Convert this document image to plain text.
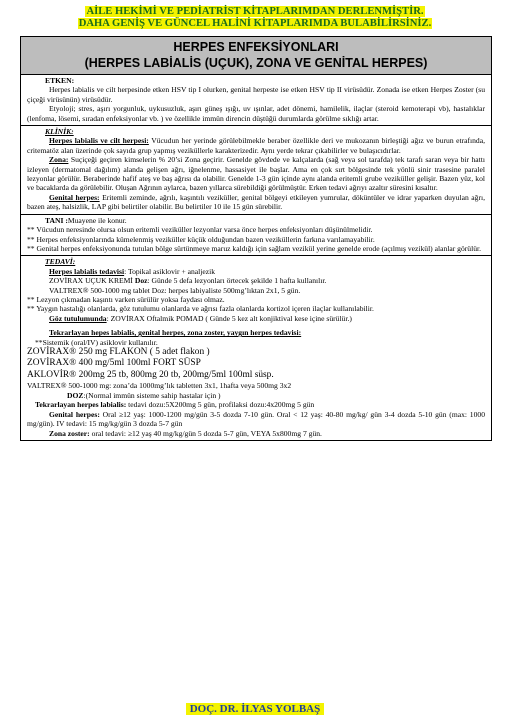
AİLE HEKİMİ VE PEDİATRİST KİTAPLARIMDAN DERLENMİŞTİR.
DAHA GENİŞ VE GÜNCEL HALİNİ KİTAPLARIMDA BULABİLİRSİNİZ.
HERPES ENFEKSİYONLARI
(HERPES LABİALİS (UÇUK), ZONA VE GENİTAL HERPES)

ETKEN:

Herpes labialis ve cilt herpesinde etken HSV tip I olurken, genital herpeste ise etken HSV tip II virüsüdür. Zonada ise etken Herpes Zoster (su çiçeği virüsünün) virüsüdür.

Etyoloji; stres, aşırı yorgunluk, uykusuzluk, aşırı güneş ışığı, uv ışınlar, adet dönemi, hamilelik, ilaçlar (steroid kemoterapi vb), hastalıklar (lenfoma, lösemi, sıradan enfeksiyonlar vb. ) ve özellikle immün direncin düştüğü durumlarda görülme sıklığı artar.

KLİNİK:

Herpes labialis ve cilt herpesi: Vücudun her yerinde görülebilmekle beraber özellikle deri ve mukozanın birleştiği ağız ve burun etrafında, critematöz alan üzerinde çok sayıda grup yapmış veziküllerle karakterizedir. Aynı yerde tekrar çıkabilirler ve bulaşıcıdırlar.

Zona: Suçiçeği geçiren kimselerin % 20’si Zona geçirir. Genelde gövdede ve kalçalarda (sağ veya sol tarafda) tek tarafı saran veya bir hattı izleyen (dermatomal dağılım) alanda gelişen ağrı, iğnelenme, hassasiyet ile başlar. Ama en çok sırt bölgesinde tek yönlü sinir trasesine paralel lezyonlar görülür. Beraberinde hafif ateş ve baş ağrısı da olabilir. Genelde 1-3 gün içinde aynı alanda eritemli grube veziküller gelişir. Bazen yüz, kol ve bacaklarda da görülebilir. Oluşan Ağrının aylarca, bazen yıllarca sürebildiği görülmüştür. Erken tedavi ağrıyı azaltır süresini kısaltır.

Genital herpes: Eritemli zeminde, ağrılı, kaşıntılı veziküller, genital bölgeyi etkileyen yumrular, döküntüler ve idrar yaparken duyulan ağrı, bazen ateş, halsizlik, LAP gibi belirtiler olabilir. Bu belirtiler 10 ile 15 gün sürebilir.

TANI :Muayene ile konur.

** Vücudun neresinde olursa olsun eritemli veziküller lezyonlar varsa önce herpes enfeksiyonları düşünülmelidir.

** Herpes enfeksiyonlarında kümelenmiş veziküller küçük olduğundan bazen veziküllerin farkına varılamayabilir.

** Genital herpes enfeksiyonunda tutulan bölge sürtünmeye maruz kaldığı için sağlam vezikül yerine genelde erode (açılmış vezikül) alanlar görülür.

TEDAVİ:

Herpes labialis tedavisi: Topikal asiklovir + analjezik

ZOVİRAX UÇUK KREMİ Doz: Günde 5 defa lezyonları örtecek şekilde 1 hafta kullanılır.

VALTREX® 500-1000 mg tablet Doz: herpes labiyaliste 500mg’lıktan 2x1, 5 gün.

** Lezyon çıkmadan kaşıntı varken sürülür yoksa faydası olmaz.

** Yaygın hastalığı olanlarda, göz tutulumu olanlarda ve ağrısı fazla olanlarda kortizol içeren ilaçlar kullanılabilir.

Göz tutulumunda: ZOVİRAX Oftalmik POMAD ( Günde 5 kez alt konjiktival kese içine sürülür.)

Tekrarlayan hepes labialis, genital herpes, zona zoster, yaygın herpes tedavisi:

**Sistemik (oral/IV) asiklovir kullanılır.

ZOVİRAX® 250 mg FLAKON ( 5 adet flakon )

ZOVİRAX® 400 mg/5ml 100ml FORT SÜSP

AKLOVİR® 200mg 25 tb, 800mg 20 tb, 200mg/5ml 100ml süsp.

VALTREX® 500-1000 mg: zona’da 1000mg’lık tabletten 3x1, 1hafta veya 500mg 3x2

DOZ:(Normal immün sisteme sahip hastalar için )

Tekrarlayan herpes labialis: tedavi dozu:5X200mg 5 gün, profilaksi dozu:4x200mg 5 gün

Genital herpes: Oral ≥12 yaş: 1000-1200 mg/gün 3-5 dozda 7-10 gün. Oral < 12 yaş: 40-80 mg/kg/ gün 3-4 dozda 5-10 gün (max: 1000 mg/gün). IV tedavi: 15 mg/kg/gün 3 dozda 5-7 gün

Zona zoster: oral tedavi: ≥12 yaş 40 mg/kg/gün 5 dozda 5-7 gün, VEYA 5x800mg 7 gün.

DOÇ. DR. İLYAS YOLBAŞ
